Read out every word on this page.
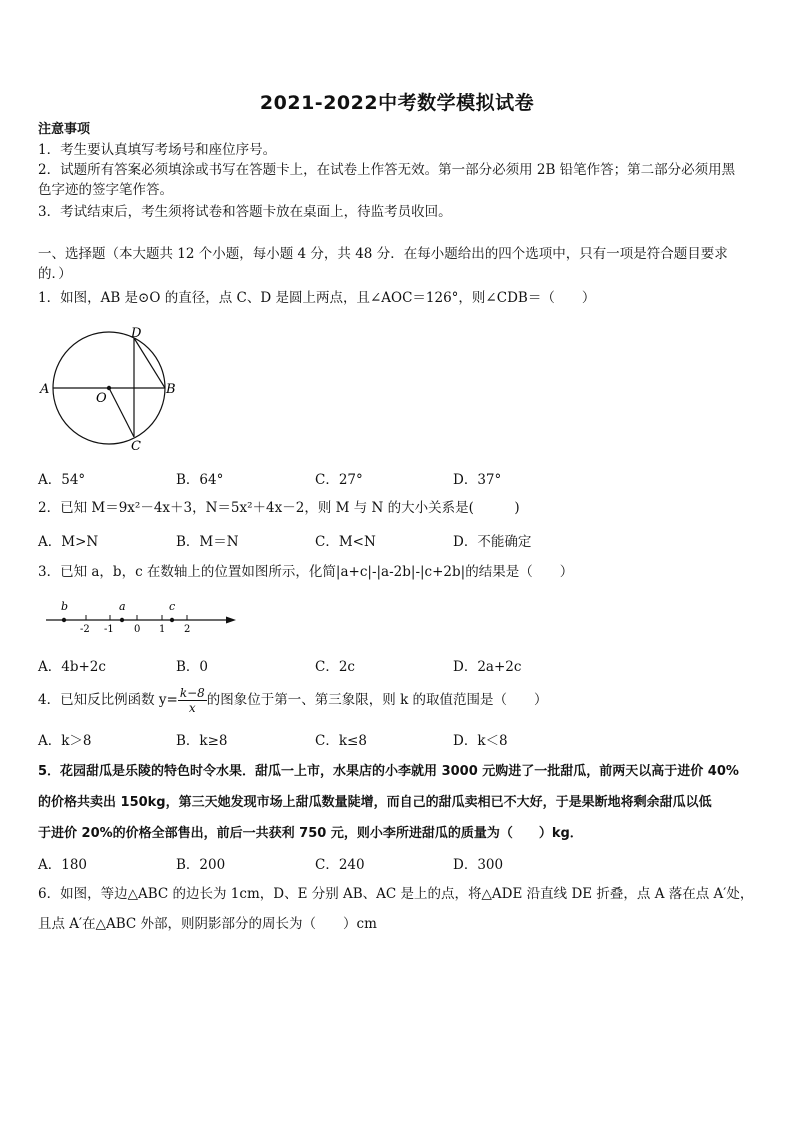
2021-2022中考数学模拟试卷
注意事项
1．考生要认真填写考场号和座位序号。
2．试题所有答案必须填涂或书写在答题卡上，在试卷上作答无效。第一部分必须用 2B 铅笔作答；第二部分必须用黑
色字迹的签字笔作答。
3．考试结束后，考生须将试卷和答题卡放在桌面上，待监考员收回。
一、选择题（本大题共 12 个小题，每小题 4 分，共 48 分．在每小题给出的四个选项中，只有一项是符合题目要求
的．）
1．如图，AB 是⊙O 的直径，点 C、D 是圆上两点，且∠AOC＝126°，则∠CDB＝（　　）
A	B
C
D
O
A．54°	B．64°	C．27°	D．37°
2．已知 M＝9x²－4x＋3，N＝5x²＋4x－2，则 M 与 N 的大小关系是(　　　)
A．M>N	B．M＝N	C．M<N	D．不能确定
3．已知 a，b，c 在数轴上的位置如图所示，化简|a+c|-|a-2b|-|c+2b|的结果是（　　）
b	a	c
-2 -1 0 1 2
A．4b+2c	B．0	C．2c	D．2a+2c
4．已知反比例函数 $y= \frac{k-8}{x}$ 的图象位于第一、第三象限，则 k 的取值范围是（　　）
A．k＞8	B．k≥8	C．k≤8	D．k＜8
5．花园甜瓜是乐陵的特色时令水果．甜瓜一上市，水果店的小李就用 3000 元购进了一批甜瓜，前两天以高于进价 40%
的价格共卖出 150kg，第三天她发现市场上甜瓜数量陡增，而自己的甜瓜卖相已不大好，于是果断地将剩余甜瓜以低
于进价 20%的价格全部售出，前后一共获利 750 元，则小李所进甜瓜的质量为（　　）kg．
A．180	B．200	C．240	D．300
6．如图，等边△ABC 的边长为 1cm，D、E 分别 AB、AC 是上的点，将△ADE 沿直线 DE 折叠，点 A 落在点 A′处，
且点 A′在△ABC 外部，则阴影部分的周长为（　　）cm
